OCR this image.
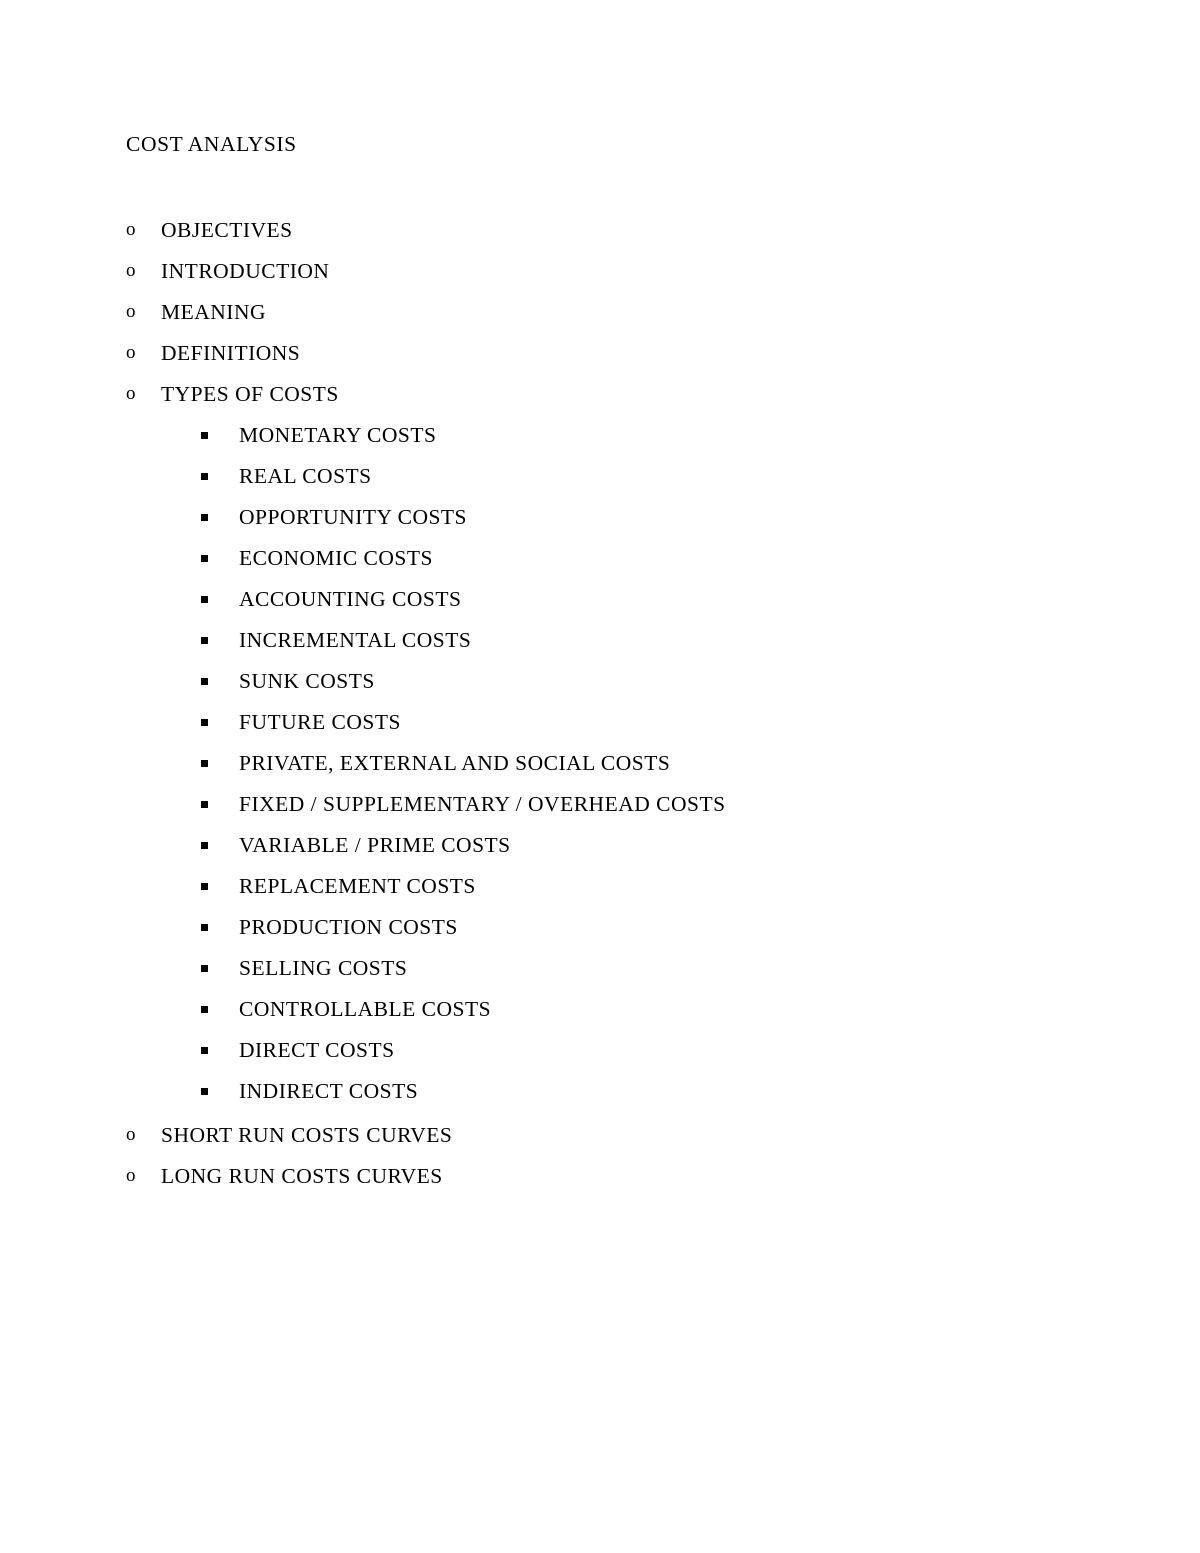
COST ANALYSIS
o OBJECTIVES
o INTRODUCTION
o MEANING
o DEFINITIONS
o TYPES OF COSTS
MONETARY COSTS
REAL COSTS
OPPORTUNITY COSTS
ECONOMIC COSTS
ACCOUNTING COSTS
INCREMENTAL COSTS
SUNK COSTS
FUTURE COSTS
PRIVATE, EXTERNAL AND SOCIAL COSTS
FIXED / SUPPLEMENTARY / OVERHEAD COSTS
VARIABLE / PRIME COSTS
REPLACEMENT COSTS
PRODUCTION COSTS
SELLING COSTS
CONTROLLABLE COSTS
DIRECT COSTS
INDIRECT COSTS
o SHORT RUN COSTS CURVES
o LONG RUN COSTS CURVES
